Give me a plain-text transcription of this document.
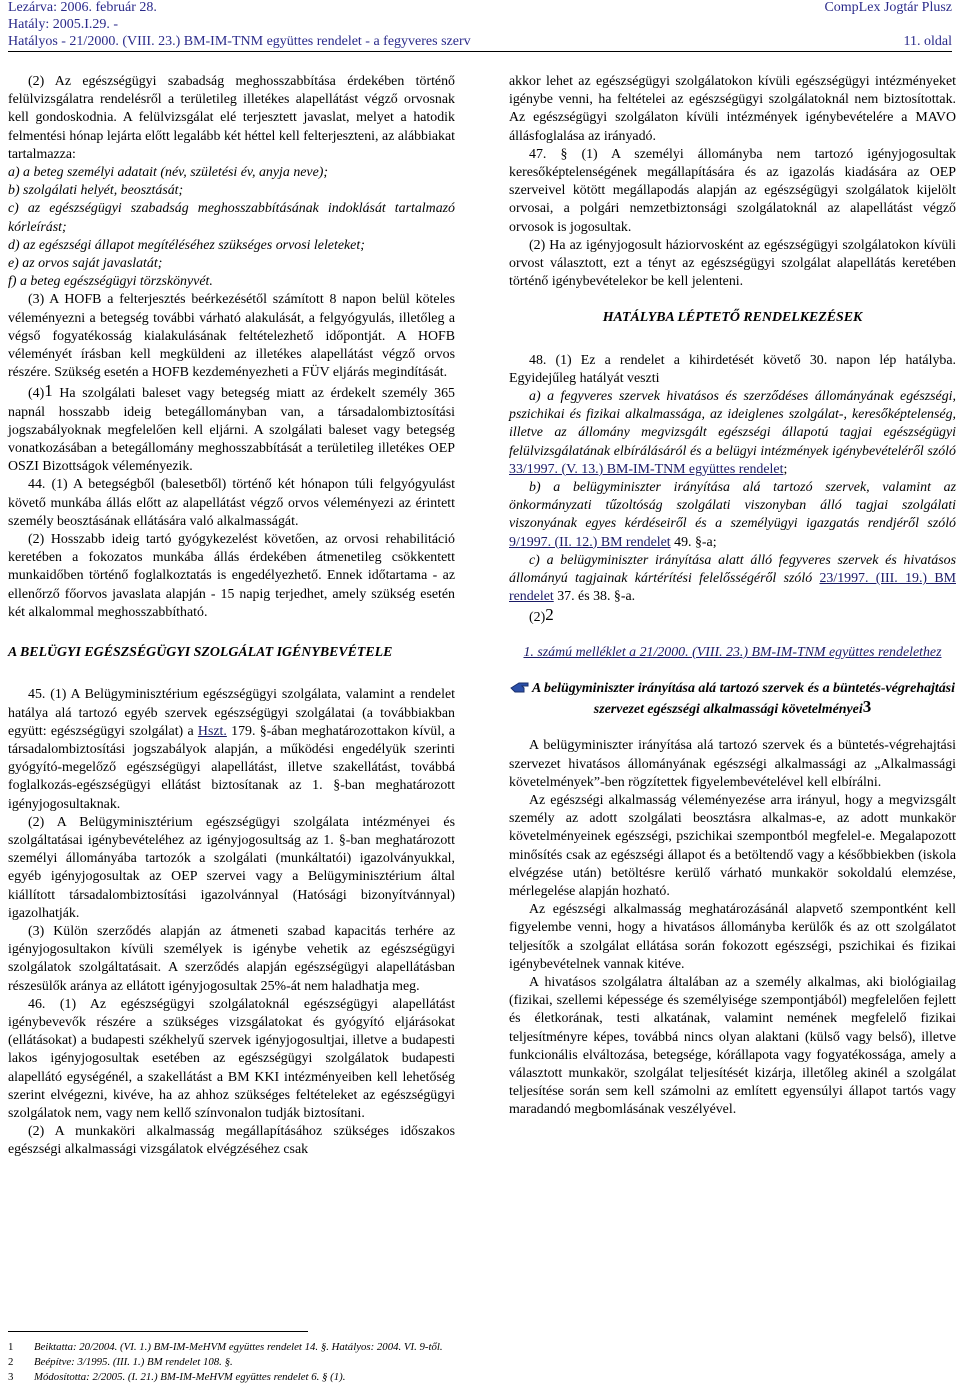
Lezárva: 2006. február 28.	CompLex Jogtár Plusz
Hatály: 2005.I.29. -
Hatályos - 21/2000. (VIII. 23.) BM-IM-TNM együttes rendelet - a fegyveres szerv	11. oldal

(2) Az egészségügyi szabadság meghosszabbítása érdekében történő felülvizsgálatra rendelésről a területileg illetékes alapellátást végző orvosnak kell gondoskodnia. A felülvizsgálat elé terjesztett javaslat, melyet a hatodik felmentési hónap lejárta előtt legalább két héttel kell felterjeszteni, az alábbiakat tartalmazza:

a) a beteg személyi adatait (név, születési év, anyja neve);

b) szolgálati helyét, beosztását;

c) az egészségügyi szabadság meghosszabbításának indoklását tartalmazó kórleírást;

d) az egészségi állapot megítéléséhez szükséges orvosi leleteket;

e) az orvos saját javaslatát;

f) a beteg egészségügyi törzskönyvét.

(3) A HOFB a felterjesztés beérkezésétől számított 8 napon belül köteles véleményezni a betegség további várható alakulását, a felgyógyulás, illetőleg a végső fogyatékosság kialakulásának feltételezhető időpontját. A HOFB véleményét írásban kell megküldeni az illetékes alapellátást végző orvos részére. Szükség esetén a HOFB kezdeményezheti a FÜV eljárás megindítását.

(4)1 Ha szolgálati baleset vagy betegség miatt az érdekelt személy 365 napnál hosszabb ideig betegállományban van, a társadalombiztosítási jogszabályoknak megfelelően kell eljárni. A szolgálati baleset vagy betegség vonatkozásában a betegállomány meghosszabbítását a területileg illetékes OEP OSZI Bizottságok véleményezik.

44. (1) A betegségből (balesetből) történő két hónapon túli felgyógyulást követő munkába állás előtt az alapellátást végző orvos véleményezi az érintett személy beosztásának ellátására való alkalmasságát.

(2) Hosszabb ideig tartó gyógykezelést követően, az orvosi rehabilitáció keretében a fokozatos munkába állás érdekében átmenetileg csökkentett munkaidőben történő foglalkoztatás is engedélyezhető. Ennek időtartama - az ellenőrző főorvos javaslata alapján - 15 napig terjedhet, amely szükség esetén két alkalommal meghosszabbítható.

A BELÜGYI EGÉSZSÉGÜGYI SZOLGÁLAT IGÉNYBEVÉTELE

45. (1) A Belügyminisztérium egészségügyi szolgálata, valamint a rendelet hatálya alá tartozó egyéb szervek egészségügyi szolgálatai (a továbbiakban együtt: egészségügyi szolgálat) a Hszt. 179. §-ában meghatározottakon kívül, a társadalombiztosítási jogszabályok alapján, a működési engedélyük szerinti gyógyító-megelőző egészségügyi alapellátást, illetve szakellátást, továbbá foglalkozás-egészségügyi ellátást biztosítanak az 1. §-ban meghatározott igényjogosultaknak.

(2) A Belügyminisztérium egészségügyi szolgálata intézményei és szolgáltatásai igénybevételéhez az igényjogosultság az 1. §-ban meghatározott személyi állományába tartozók a szolgálati (munkáltatói) igazolványukkal, egyéb igényjogosultak az OEP szervei vagy a Belügyminisztérium által kiállított társadalombiztosítási igazolvánnyal (Hatósági bizonyítvánnyal) igazolhatják.

(3) Külön szerződés alapján az átmeneti szabad kapacitás terhére az igényjogosultakon kívüli személyek is igénybe vehetik az egészségügyi szolgálatok szolgáltatásait. A szerződés alapján egészségügyi alapellátásban részesülők aránya az ellátott igényjogosultak 25%-át nem haladhatja meg.

46. (1) Az egészségügyi szolgálatoknál egészségügyi alapellátást igénybevevők részére a szükséges vizsgálatokat és gyógyító eljárásokat (ellátásokat) a budapesti székhelyű szervek igényjogosultjai, illetve a budapesti lakos igényjogosultak esetében az egészségügyi szolgálatok budapesti alapellátó egységénél, a szakellátást a BM KKI intézményeiben kell lehetőség szerint elvégezni, kivéve, ha az ahhoz szükséges feltételeket az egészségügyi szolgálatok nem, vagy nem kellő színvonalon tudják biztosítani.

(2) A munkaköri alkalmasság megállapításához szükséges időszakos egészségi alkalmassági vizsgálatok elvégzéséhez csak

akkor lehet az egészségügyi szolgálatokon kívüli egészségügyi intézményeket igénybe venni, ha feltételei az egészségügyi szolgálatoknál nem biztosítottak. Az egészségügyi szolgálaton kívüli intézmények igénybevételére a MAVO állásfoglalása az irányadó.

47. § (1) A személyi állományba nem tartozó igényjogosultak keresőképtelenségének megállapítására és az igazolás kiadására az OEP szerveivel kötött megállapodás alapján az egészségügyi szolgálatok kijelölt orvosai, a polgári nemzetbiztonsági szolgálatoknál az alapellátást végző orvosok is jogosultak.

(2) Ha az igényjogosult háziorvosként az egészségügyi szolgálatokon kívüli orvost választott, ezt a tényt az egészségügyi szolgálat alapellátás keretében történő igénybevételekor be kell jelenteni.

HATÁLYBA LÉPTETŐ RENDELKEZÉSEK

48. (1) Ez a rendelet a kihirdetését követő 30. napon lép hatályba. Egyidejűleg hatályát veszti

a) a fegyveres szervek hivatásos és szerződéses állományának egészségi, pszichikai és fizikai alkalmassága, az ideiglenes szolgálat-, keresőképtelenség, illetve az állomány megvizsgált egészségi állapotú tagjai egészségügyi felülvizsgálatának elbírálásáról és a belügyi intézmények igénybevételéről szóló 33/1997. (V. 13.) BM-IM-TNM együttes rendelet;

b) a belügyminiszter irányítása alá tartozó szervek, valamint az önkormányzati tűzoltóság szolgálati viszonyban álló tagjai szolgálati viszonyának egyes kérdéseiről és a személyügyi igazgatás rendjéről szóló 9/1997. (II. 12.) BM rendelet 49. §-a;

c) a belügyminiszter irányítása alatt álló fegyveres szervek és hivatásos állományú tagjainak kártérítési felelősségéről szóló 23/1997. (III. 19.) BM rendelet 37. és 38. §-a.

(2)2

1. számú melléklet a 21/2000. (VIII. 23.) BM-IM-TNM együttes rendelethez

A belügyminiszter irányítása alá tartozó szervek és a büntetés-végrehajtási szervezet egészségi alkalmassági követelményei3

A belügyminiszter irányítása alá tartozó szervek és a büntetés-végrehajtási szervezet hivatásos állományának egészségi alkalmassági az „Alkalmassági követelmények”-ben rögzítettek figyelembevételével kell elbírálni.

Az egészségi alkalmasság véleményezése arra irányul, hogy a megvizsgált személy az adott szolgálati beosztásra alkalmas-e, az adott munkakör követelményeinek egészségi, pszichikai szempontból megfelel-e. Megalapozott minősítés csak az egészségi állapot és a betöltendő vagy a későbbiekben (iskola elvégzése után) betöltésre kerülő várható munkakör sokoldalú elemzése, mérlegelése alapján hozható.

Az egészségi alkalmasság meghatározásánál alapvető szempontként kell figyelembe venni, hogy a hivatásos állományba kerülők és az ott szolgálatot teljesítők a szolgálat ellátása során fokozott egészségi, pszichikai és fizikai igénybevételnek vannak kitéve.

A hivatásos szolgálatra általában az a személy alkalmas, aki biológiailag (fizikai, szellemi képessége és személyisége szempontjából) megfelelően fejlett és életkorának, testi alkatának, valamint nemének megfelelő fizikai teljesítményre képes, továbbá nincs olyan alaktani (külső vagy belső), illetve funkcionális elváltozása, betegsége, kórállapota vagy fogyatékossága, amely a választott munkakör, szolgálat teljesítését kizárja, illetőleg akinél a szolgálat teljesítése során sem kell számolni az említett egyensúlyi állapot tartós vagy maradandó megbomlásának veszélyével.

1 Beiktatta: 20/2004. (VI. 1.) BM-IM-MeHVM együttes rendelet 14. §. Hatályos: 2004. VI. 9-től.
2 Beépítve: 3/1995. (III. 1.) BM rendelet 108. §.
3 Módosította: 2/2005. (I. 21.) BM-IM-MeHVM együttes rendelet 6. § (1).
